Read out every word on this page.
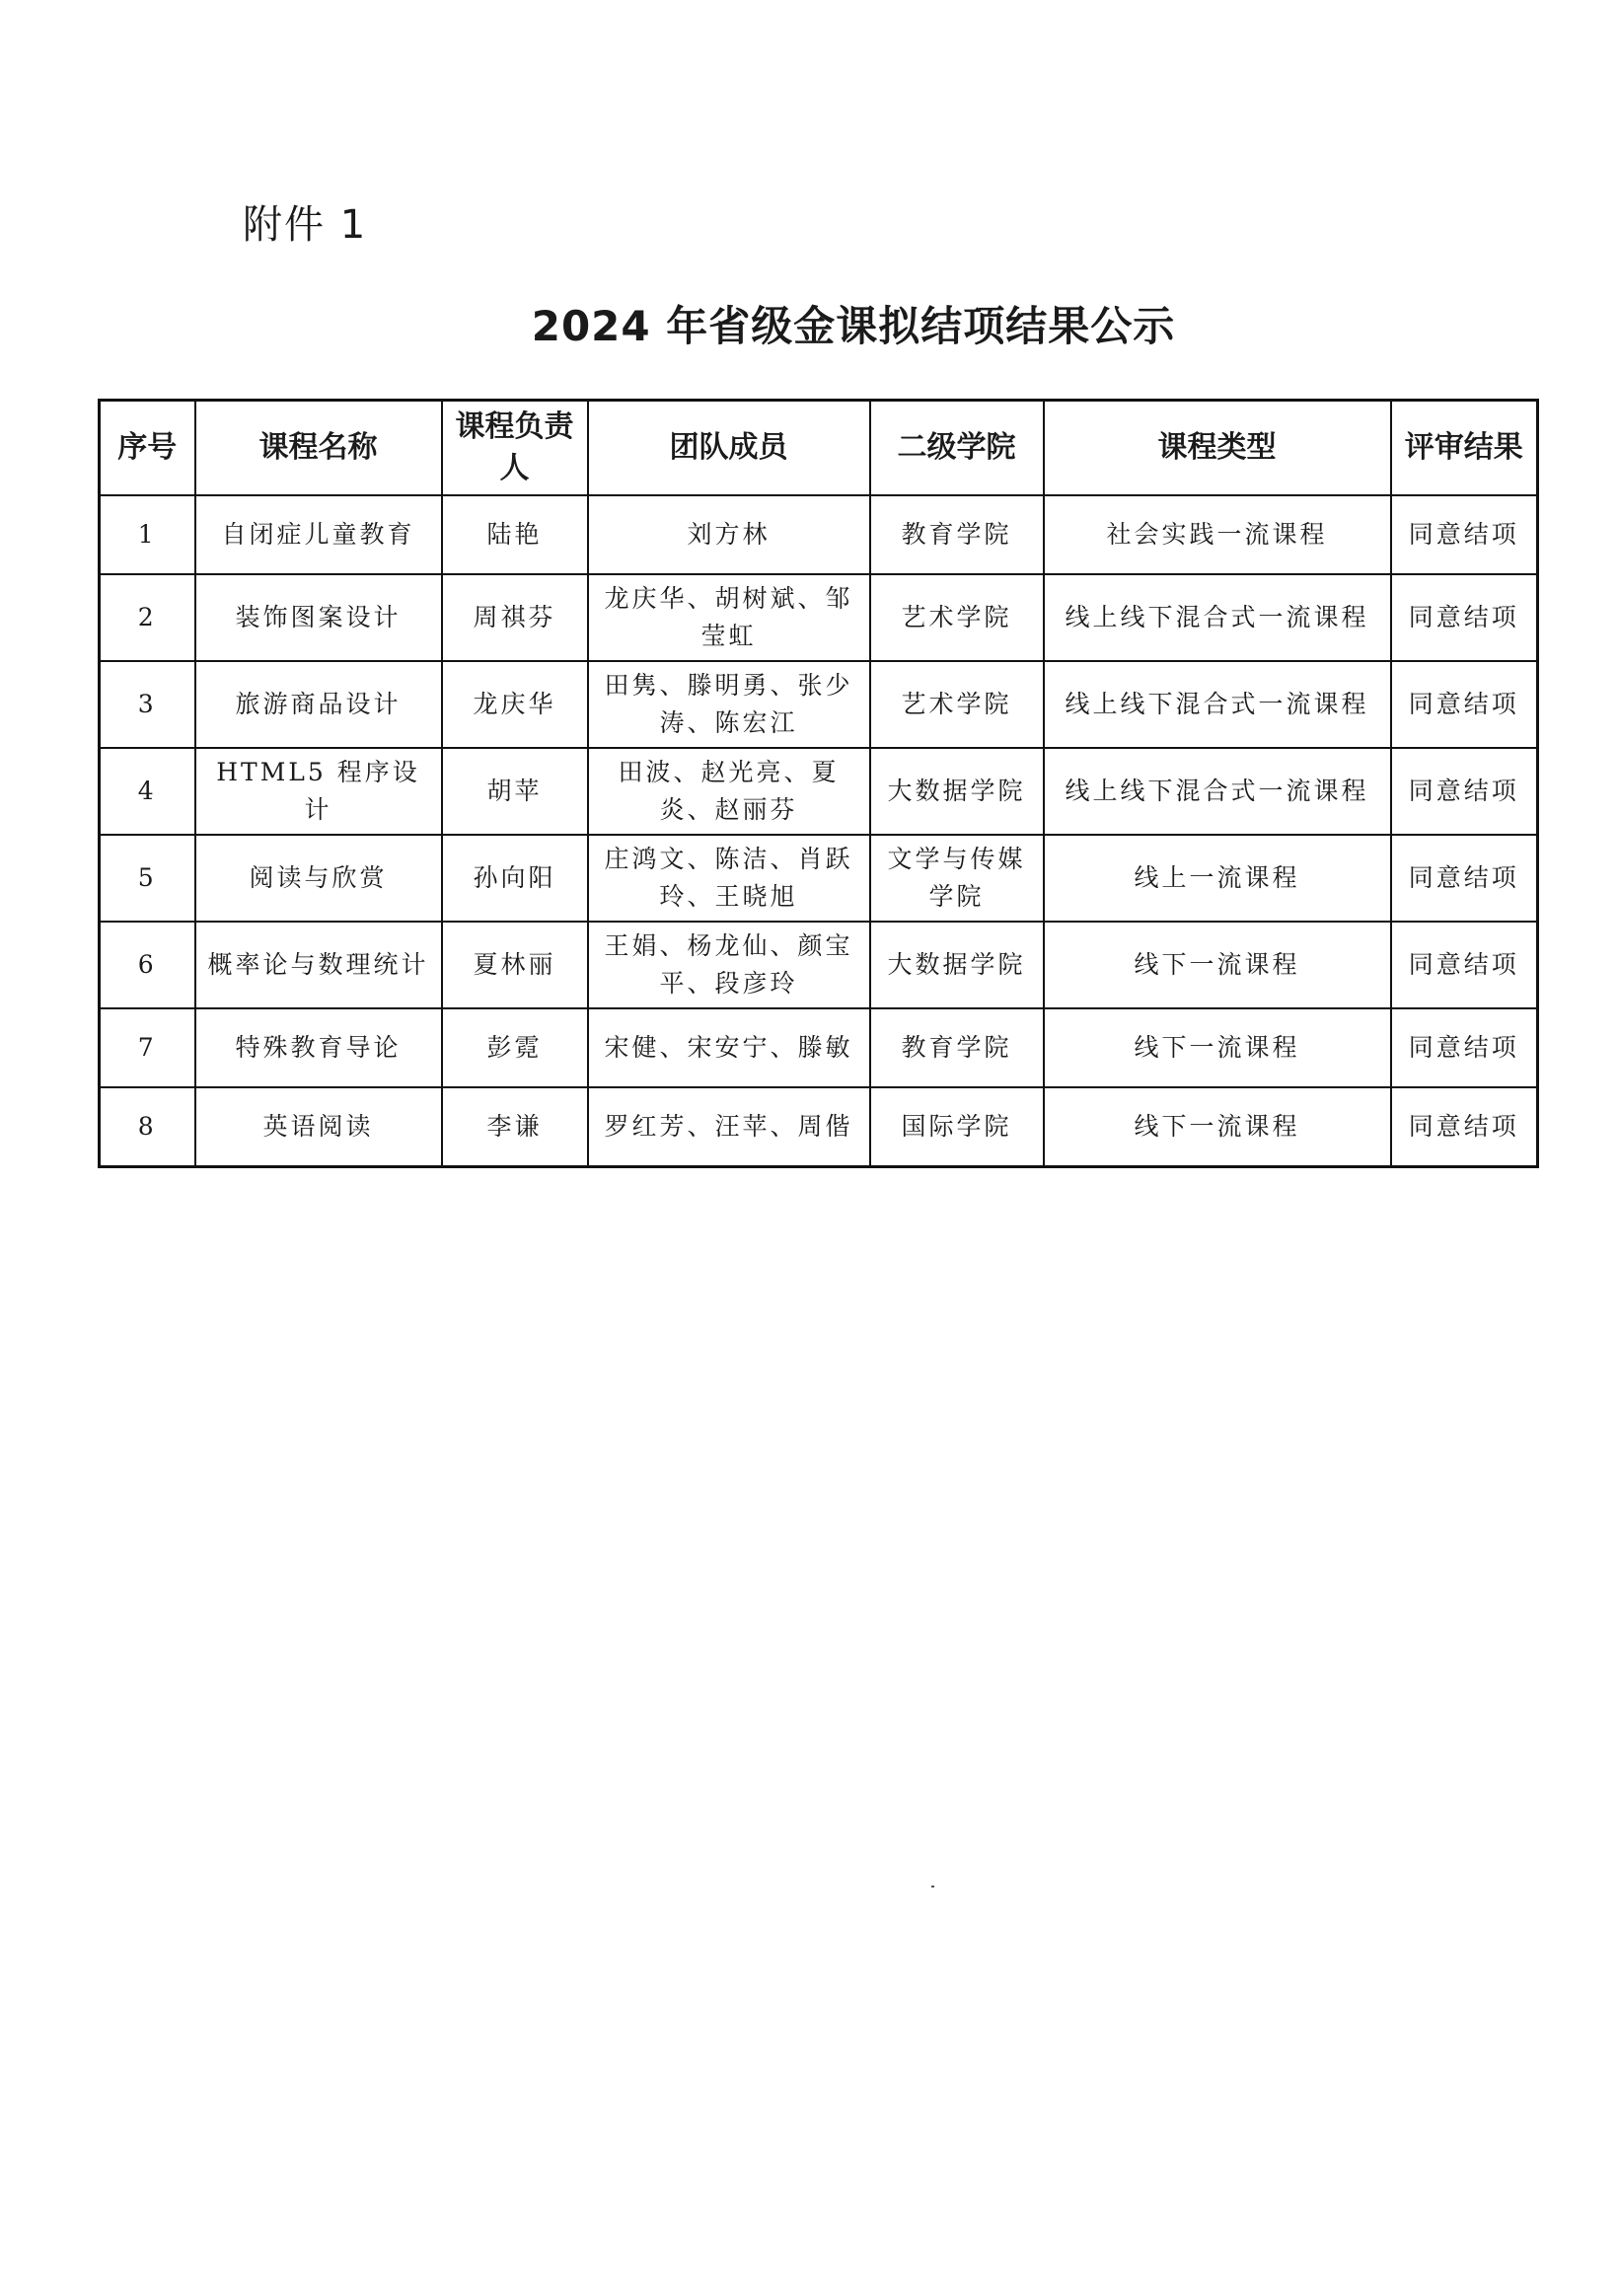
附件 1
2024 年省级金课拟结项结果公示
序号	课程名称	课程负责人	团队成员	二级学院	课程类型	评审结果
1	自闭症儿童教育	陆艳	刘方林	教育学院	社会实践一流课程	同意结项
2	装饰图案设计	周祺芬	龙庆华、胡树斌、邹莹虹	艺术学院	线上线下混合式一流课程	同意结项
3	旅游商品设计	龙庆华	田隽、滕明勇、张少涛、陈宏江	艺术学院	线上线下混合式一流课程	同意结项
4	HTML5 程序设计	胡苹	田波、赵光亮、夏炎、赵丽芬	大数据学院	线上线下混合式一流课程	同意结项
5	阅读与欣赏	孙向阳	庄鸿文、陈洁、肖跃玲、王晓旭	文学与传媒学院	线上一流课程	同意结项
6	概率论与数理统计	夏林丽	王娟、杨龙仙、颜宝平、段彦玲	大数据学院	线下一流课程	同意结项
7	特殊教育导论	彭霓	宋健、宋安宁、滕敏	教育学院	线下一流课程	同意结项
8	英语阅读	李谦	罗红芳、汪苹、周偕	国际学院	线下一流课程	同意结项
